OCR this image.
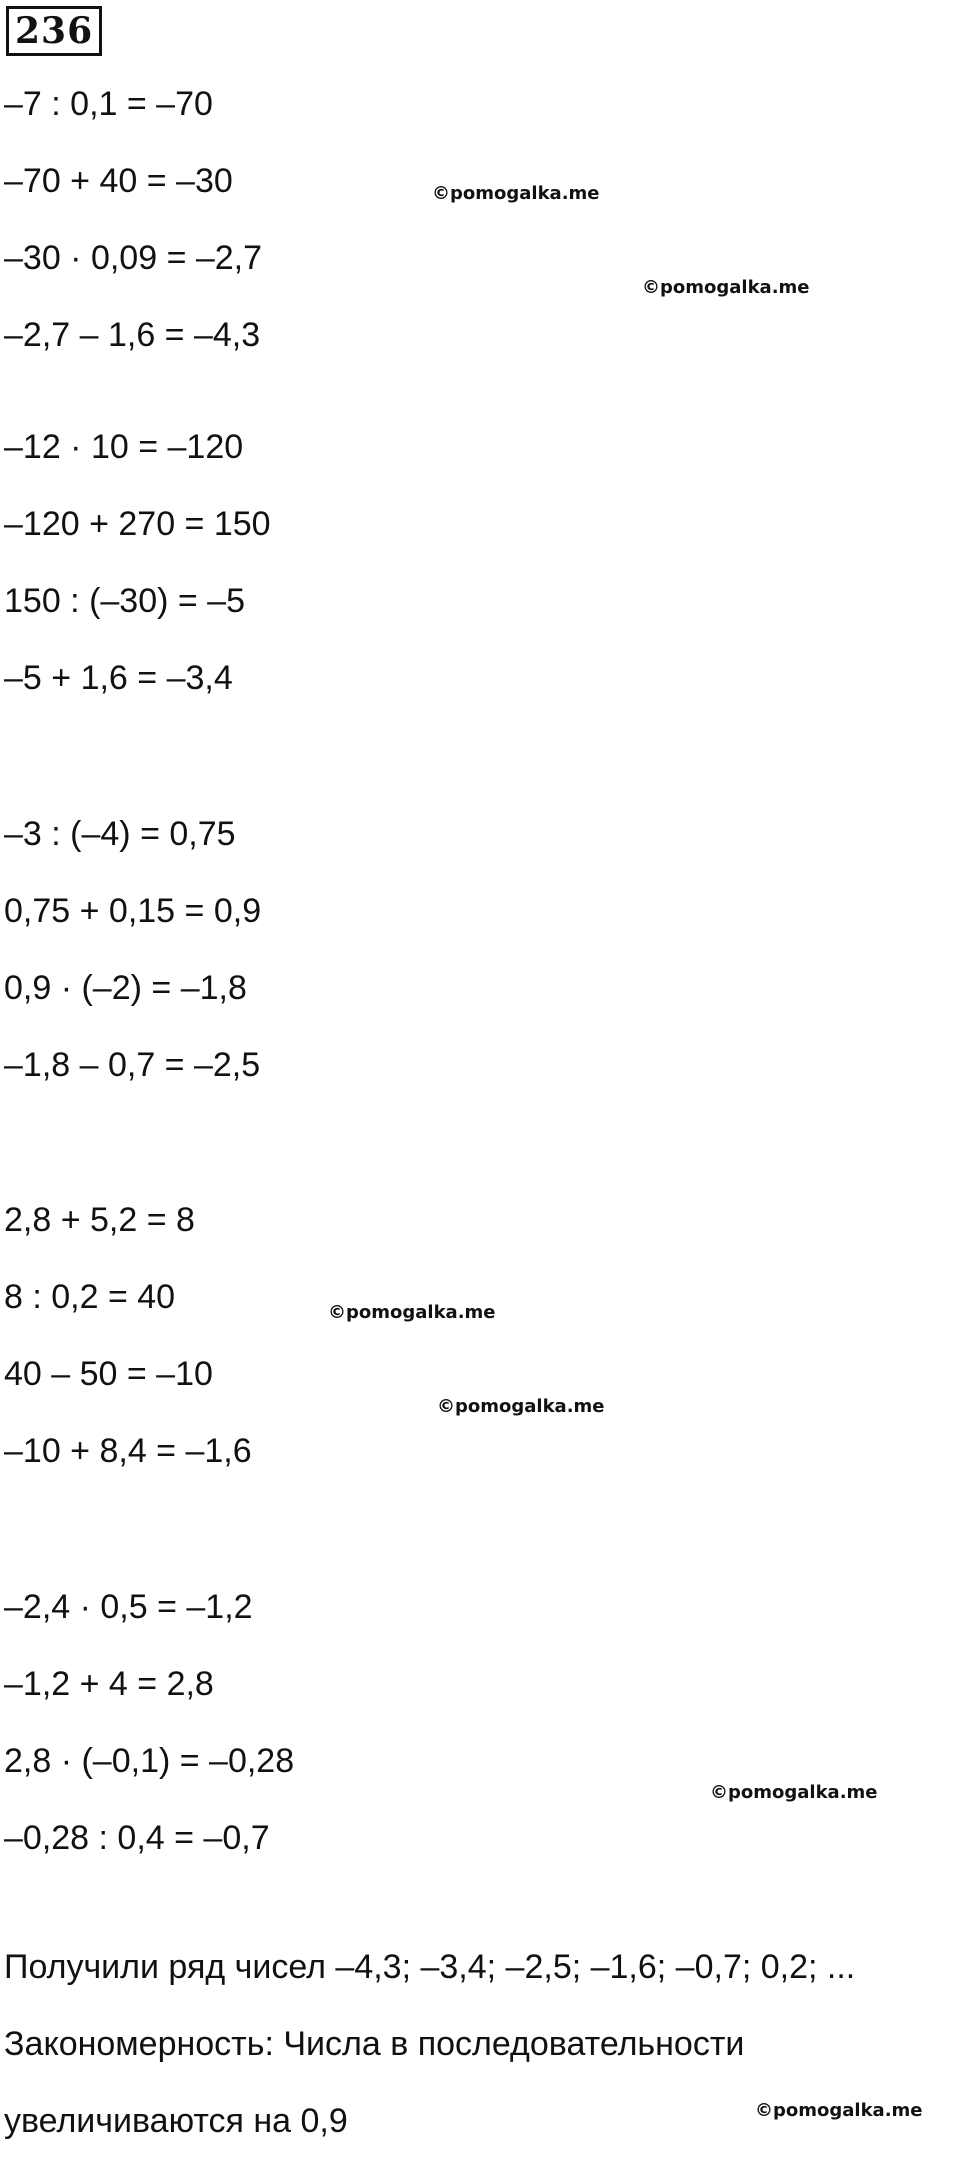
236
–7 : 0,1 = –70
–70 + 40 = –30
–30 · 0,09 = –2,7
–2,7 – 1,6 = –4,3
–12 · 10 = –120
–120 + 270 = 150
150 : (–30) = –5
–5 + 1,6 = –3,4
–3 : (–4) = 0,75
0,75 + 0,15 = 0,9
0,9 · (–2) = –1,8
–1,8 – 0,7 = –2,5
2,8 + 5,2 = 8
8 : 0,2 = 40
40 – 50 = –10
–10 + 8,4 = –1,6
–2,4 · 0,5 = –1,2
–1,2 + 4 = 2,8
2,8 · (–0,1) = –0,28
–0,28 : 0,4 = –0,7
Получили ряд чисел –4,3; –3,4; –2,5; –1,6; –0,7; 0,2; ...
Закономерность: Числа в последовательности
увеличиваются на 0,9
©pomogalka.me
©pomogalka.me
©pomogalka.me
©pomogalka.me
©pomogalka.me
©pomogalka.me
